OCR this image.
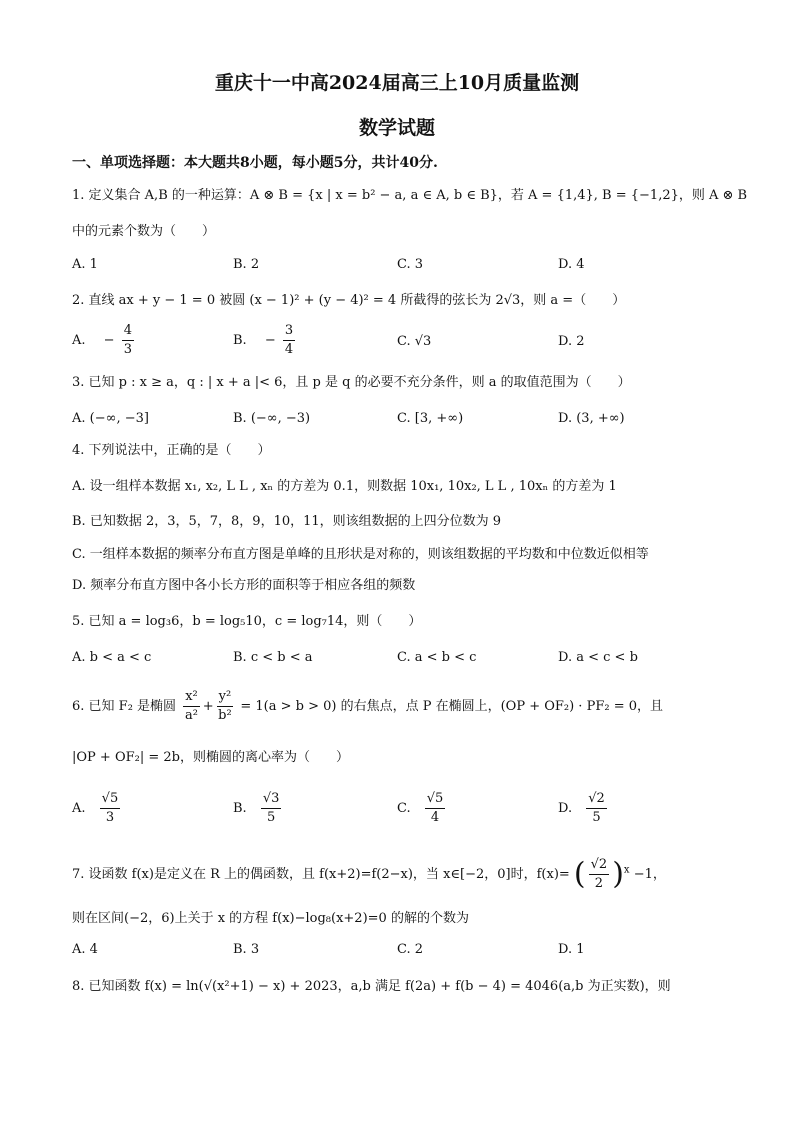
重庆十一中高2024届高三上10月质量监测
数学试题
一、单项选择题：本大题共8小题，每小题5分，共计40分.
1. 定义集合 A,B 的一种运算：A ⊗ B = {x | x = b² − a, a ∈ A, b ∈ B}，若 A = {1,4}, B = {−1,2}，则 A ⊗ B
中的元素个数为（　　）
A. 1	B. 2	C. 3	D. 4
2. 直线 ax + y − 1 = 0 被圆 (x − 1)² + (y − 4)² = 4 所截得的弦长为 2√3，则 a =（　　）
A. − $\frac{4}{3}$	B. − $\frac{3}{4}$	C. √3	D. 2
3. 已知 p : x ≥ a，q : | x + a |< 6，且 p 是 q 的必要不充分条件，则 a 的取值范围为（　　）
A. (−∞, −3]	B. (−∞, −3)	C. [3, +∞)	D. (3, +∞)
4. 下列说法中，正确的是（　　）
A. 设一组样本数据 x₁, x₂, L L , xₙ 的方差为 0.1，则数据 10x₁, 10x₂, L L , 10xₙ 的方差为 1
B. 已知数据 2，3，5，7，8，9，10，11，则该组数据的上四分位数为 9
C. 一组样本数据的频率分布直方图是单峰的且形状是对称的，则该组数据的平均数和中位数近似相等
D. 频率分布直方图中各小长方形的面积等于相应各组的频数
5. 已知 a = log₃6，b = log₅10，c = log₇14，则（　　）
A. b < a < c	B. c < b < a	C. a < b < c	D. a < c < b
6. 已知 F₂ 是椭圆 $\frac{\text{x²}}{\text{a²}} + \frac{\text{y²}}{\text{b²}} = 1(a > b > 0)$ 的右焦点，点 P 在椭圆上，(OP + OF₂) · PF₂ = 0，且
|OP + OF₂| = 2b，则椭圆的离心率为（　　）
A. $\frac{√5}{3}$	B. $\frac{√3}{5}$	C. $\frac{√5}{4}$	D. $\frac{√2}{5}$
7. 设函数 f(x)是定义在 R 上的偶函数，且 f(x+2)=f(2−x)，当 x∈[−2，0]时，f(x)= ( $\frac{√2}{2} )^x -1$，
则在区间(−2，6)上关于 x 的方程 f(x)−log₈(x+2)=0 的解的个数为
A. 4	B. 3	C. 2	D. 1
8. 已知函数 f(x) = ln(√(x²+1) − x) + 2023，a,b 满足 f(2a) + f(b − 4) = 4046(a,b 为正实数)，则
